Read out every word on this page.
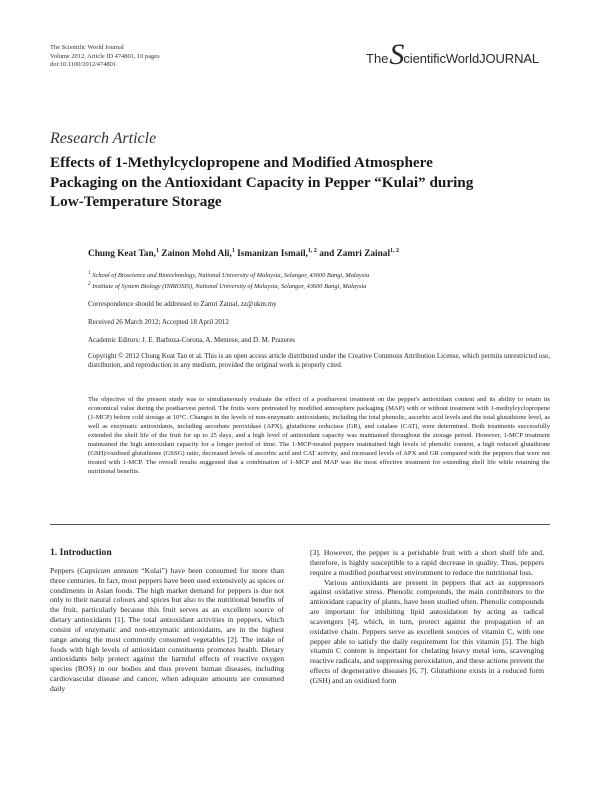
The Scientific World Journal
Volume 2012, Article ID 474801, 10 pages
doi:10.1100/2012/474801	The S cientificWorldJOURNAL
Research Article
Effects of 1-Methylcyclopropene and Modified Atmosphere
Packaging on the Antioxidant Capacity in Pepper “Kulai” during
Low-Temperature Storage
Chung Keat Tan,$^1$ Zainon Mohd Ali,$^1$ Ismanizan Ismail,$^{1, 2}$ and Zamri Zainal$^{1, 2}$
$^1$ School of Bioscience and Biotechnology, National University of Malaysia, Selangor, 43600 Bangi, Malaysia
$^2$ Institute of System Biology (INBIOSIS), National University of Malaysia, Selangor, 43600 Bangi, Malaysia
Correspondence should be addressed to Zamri Zainal, zz@ukm.my
Received 26 March 2012; Accepted 18 April 2012
Academic Editors: J. E. Barboza-Corona, A. Mentese, and D. M. Prazeres
Copyright © 2012 Chung Keat Tan et al. This is an open access article distributed under the Creative Commons Attribution License, which permits unrestricted use, distribution, and reproduction in any medium, provided the original work is properly cited.
The objective of the present study was to simultaneously evaluate the effect of a postharvest treatment on the pepper's antioxidant content and its ability to retain its economical value during the postharvest period. The fruits were pretreated by modified atmosphere packaging (MAP) with or without treatment with 1-methylcyclopropene (1-MCP) before cold storage at 10°C. Changes in the levels of non-enzymatic antioxidants, including the total phenolic, ascorbic acid levels and the total glutathione level, as well as enzymatic antioxidants, including ascorbate peroxidase (APX), glutathione reductase (GR), and catalase (CAT), were determined. Both treatments successfully extended the shelf life of the fruit for up to 25 days, and a high level of antioxidant capacity was maintained throughout the storage period. However, 1-MCP treatment maintained the high antioxidant capacity for a longer period of time. The 1-MCP-treated peppers maintained high levels of phenolic content, a high reduced glutathione (GSH)/oxidised glutathione (GSSG) ratio, decreased levels of ascorbic acid and CAT activity, and increased levels of APX and GR compared with the peppers that were not treated with 1-MCP. The overall results suggested that a combination of 1-MCP and MAP was the most effective treatment for extending shelf life while retaining the nutritional benefits.
1. Introduction

Peppers (Capsicum annuum “Kulai”) have been consumed for more than three centuries. In fact, most peppers have been used extensively as spices or condiments in Asian foods. The high market demand for peppers is due not only to their natural colours and spices but also to the nutritional benefits of the fruit, particularly because this fruit serves as an excellent source of dietary antioxidants [1]. The total antioxidant activities in peppers, which consist of enzymatic and non-enzymatic antioxidants, are in the highest range among the most commonly consumed vegetables [2]. The intake of foods with high levels of antioxidant constituents promotes health. Dietary antioxidants help protect against the harmful effects of reactive oxygen species (ROS) in our bodies and thus prevent human diseases, including cardiovascular disease and cancer, when adequate amounts are consumed daily

[3]. However, the pepper is a perishable fruit with a short shelf life and, therefore, is highly susceptible to a rapid decrease in quality. Thus, peppers require a modified postharvest environment to reduce the nutritional loss.

Various antioxidants are present in peppers that act as suppressors against oxidative stress. Phenolic compounds, the main contributors to the antioxidant capacity of plants, have been studied often. Phenolic compounds are important for inhibiting lipid autoxidation by acting as radical scavengers [4], which, in turn, protect against the propagation of an oxidative chain. Peppers serve as excellent sources of vitamin C, with one pepper able to satisfy the daily requirement for this vitamin [5]. The high vitamin C content is important for chelating heavy metal ions, scavenging reactive radicals, and suppressing peroxidation, and these actions prevent the effects of degenerative diseases [6, 7]. Glutathione exists in a reduced form (GSH) and an oxidised form
